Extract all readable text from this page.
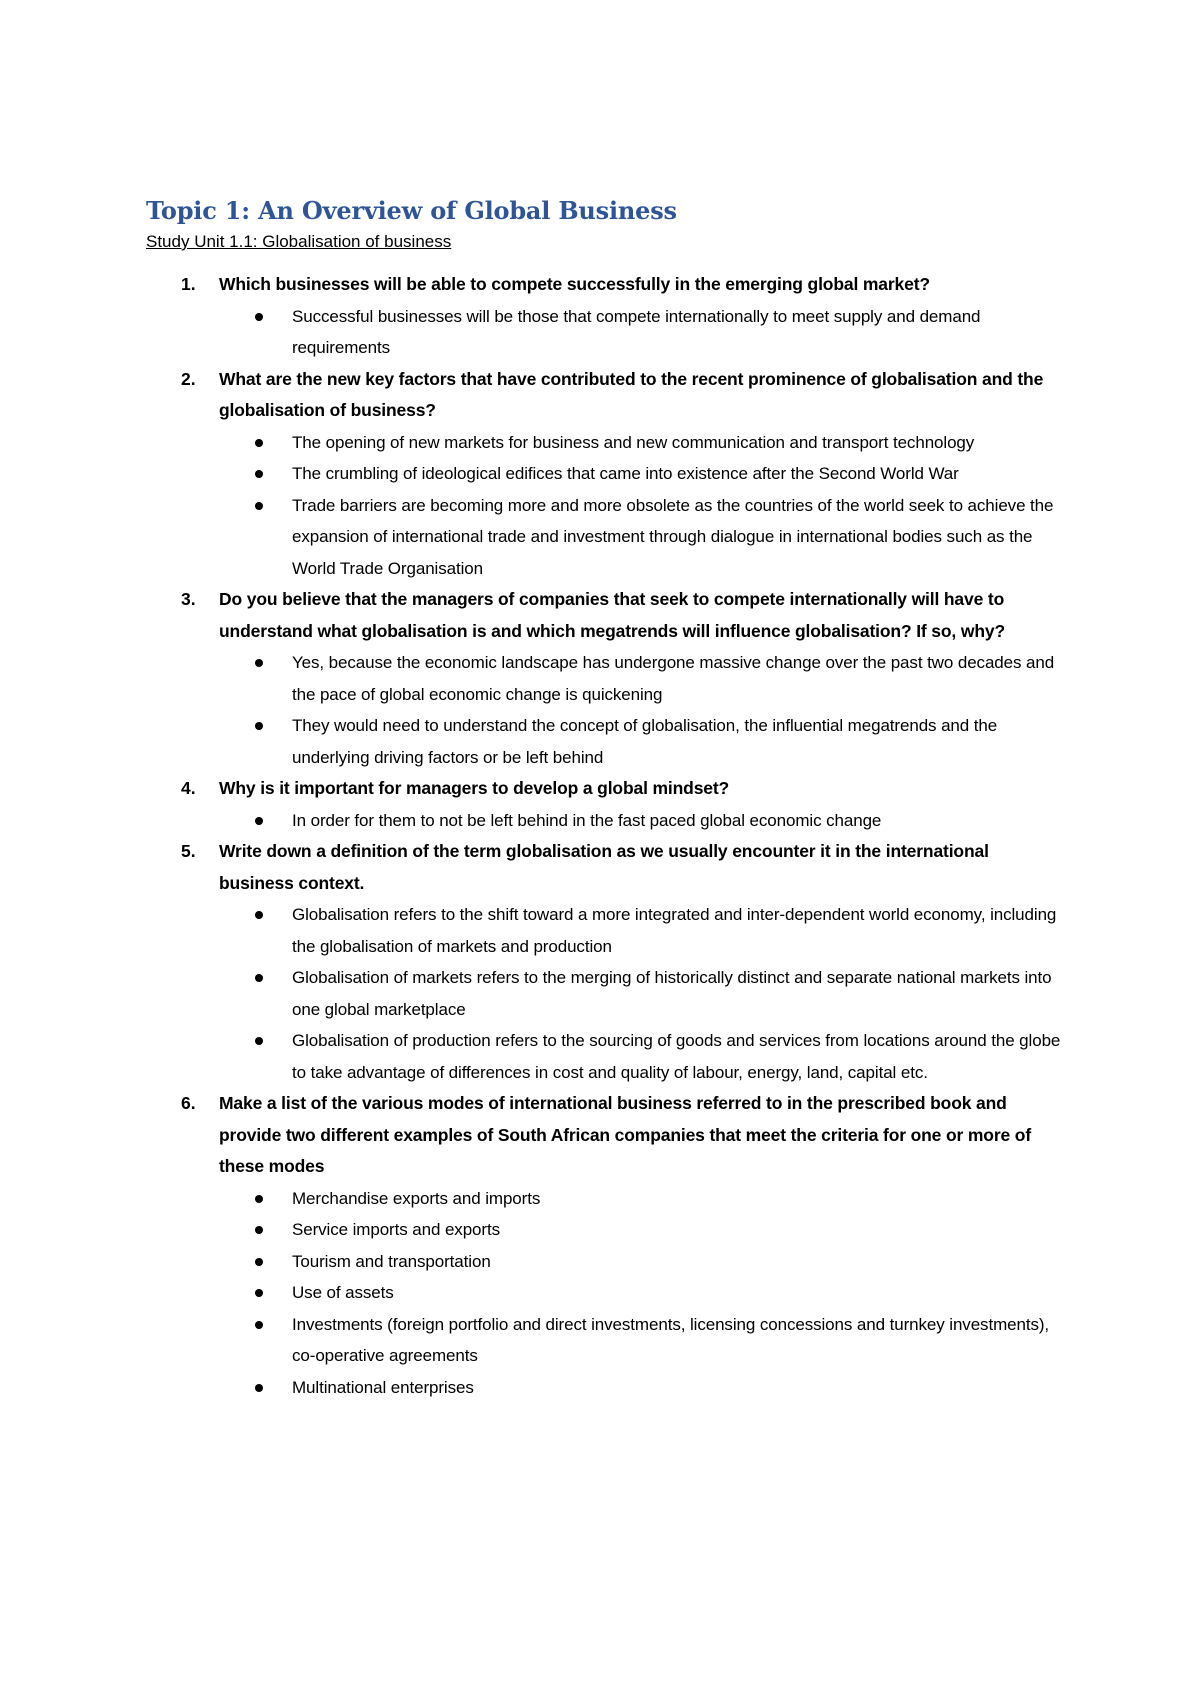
Topic 1: An Overview of Global Business
Study Unit 1.1: Globalisation of business
1. Which businesses will be able to compete successfully in the emerging global market?
Successful businesses will be those that compete internationally to meet supply and demand requirements
2. What are the new key factors that have contributed to the recent prominence of globalisation and the globalisation of business?
The opening of new markets for business and new communication and transport technology
The crumbling of ideological edifices that came into existence after the Second World War
Trade barriers are becoming more and more obsolete as the countries of the world seek to achieve the expansion of international trade and investment through dialogue in international bodies such as the World Trade Organisation
3. Do you believe that the managers of companies that seek to compete internationally will have to understand what globalisation is and which megatrends will influence globalisation? If so, why?
Yes, because the economic landscape has undergone massive change over the past two decades and the pace of global economic change is quickening
They would need to understand the concept of globalisation, the influential megatrends and the underlying driving factors or be left behind
4. Why is it important for managers to develop a global mindset?
In order for them to not be left behind in the fast paced global economic change
5. Write down a definition of the term globalisation as we usually encounter it in the international business context.
Globalisation refers to the shift toward a more integrated and inter-dependent world economy, including the globalisation of markets and production
Globalisation of markets refers to the merging of historically distinct and separate national markets into one global marketplace
Globalisation of production refers to the sourcing of goods and services from locations around the globe to take advantage of differences in cost and quality of labour, energy, land, capital etc.
6. Make a list of the various modes of international business referred to in the prescribed book and provide two different examples of South African companies that meet the criteria for one or more of these modes
Merchandise exports and imports
Service imports and exports
Tourism and transportation
Use of assets
Investments (foreign portfolio and direct investments, licensing concessions and turnkey investments), co-operative agreements
Multinational enterprises
